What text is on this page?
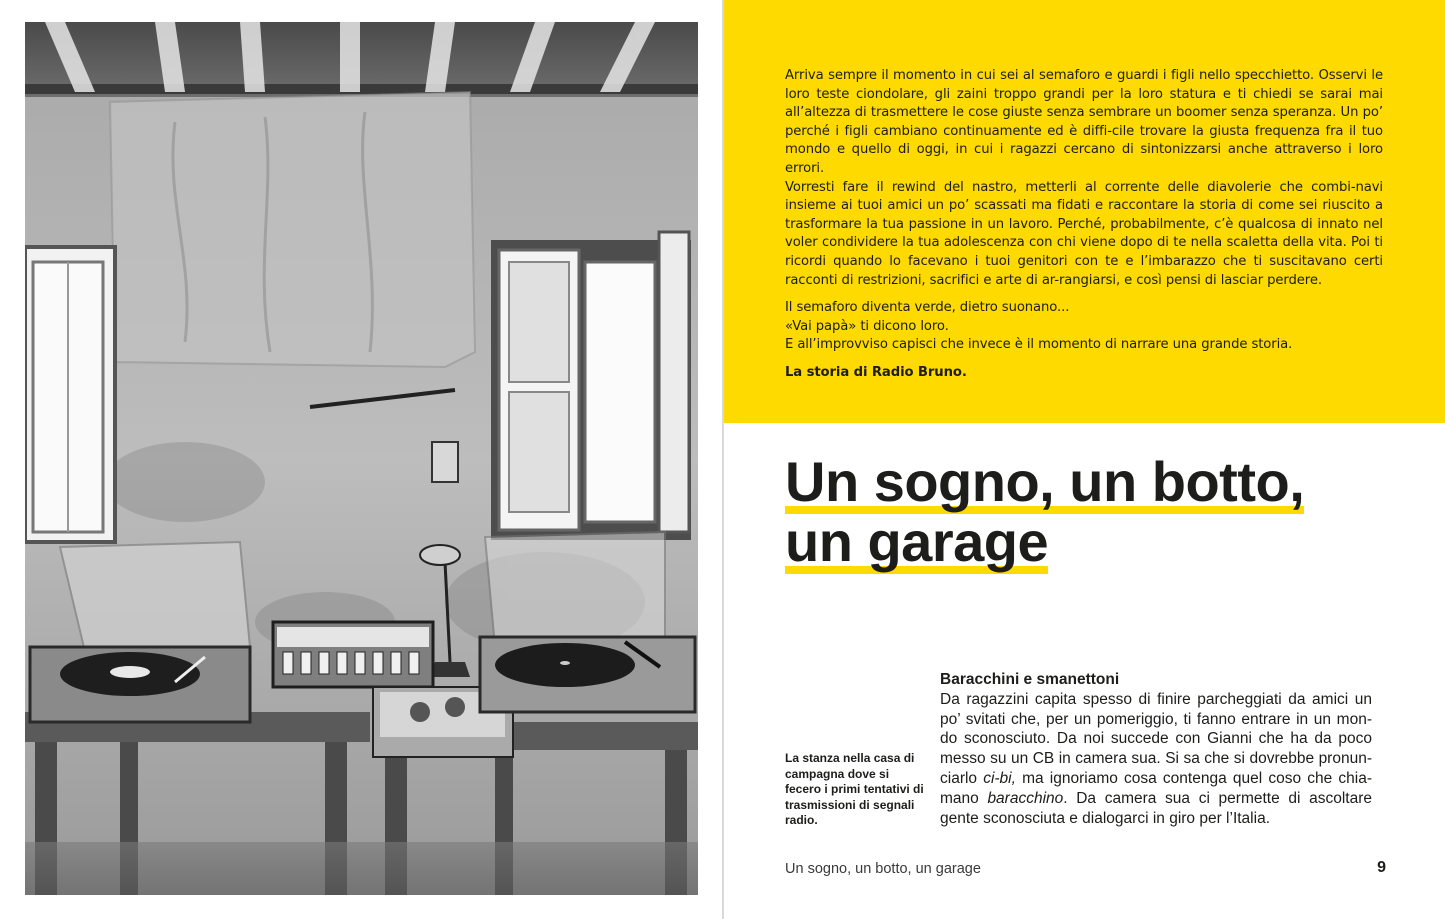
Arriva sempre il momento in cui sei al semaforo e guardi i figli nello specchietto. Osservi le loro teste ciondolare, gli zaini troppo grandi per la loro statura e ti chiedi se sarai mai all’altezza di trasmettere le cose giuste senza sembrare un boomer senza speranza. Un po’ perché i figli cambiano continuamente ed è diffi-cile trovare la giusta frequenza fra il tuo mondo e quello di oggi, in cui i ragazzi cercano di sintonizzarsi anche attraverso i loro errori.

Vorresti fare il rewind del nastro, metterli al corrente delle diavolerie che combi-navi insieme ai tuoi amici un po’ scassati ma fidati e raccontare la storia di come sei riuscito a trasformare la tua passione in un lavoro. Perché, probabilmente, c’è qualcosa di innato nel voler condividere la tua adolescenza con chi viene dopo di te nella scaletta della vita. Poi ti ricordi quando lo facevano i tuoi genitori con te e l’imbarazzo che ti suscitavano certi racconti di restrizioni, sacrifici e arte di ar-rangiarsi, e così pensi di lasciar perdere.

Il semaforo diventa verde, dietro suonano...

«Vai papà» ti dicono loro.

E all’improvviso capisci che invece è il momento di narrare una grande storia.

La storia di Radio Bruno.

Un sogno, un botto,

un garage
La stanza nella casa di campagna dove si fecero i primi tentativi di trasmissioni di segnali radio.
Baracchini e smanettoni

Da ragazzini capita spesso di finire parcheggiati da amici un po’ svitati che, per un pomeriggio, ti fanno entrare in un mon-do sconosciuto. Da noi succede con Gianni che ha da poco messo su un CB in camera sua. Si sa che si dovrebbe pronun-ciarlo ci-bi, ma ignoriamo cosa contenga quel coso che chia-mano baracchino. Da camera sua ci permette di ascoltare gente sconosciuta e dialogarci in giro per l’Italia.

Un sogno, un botto, un garage	9
